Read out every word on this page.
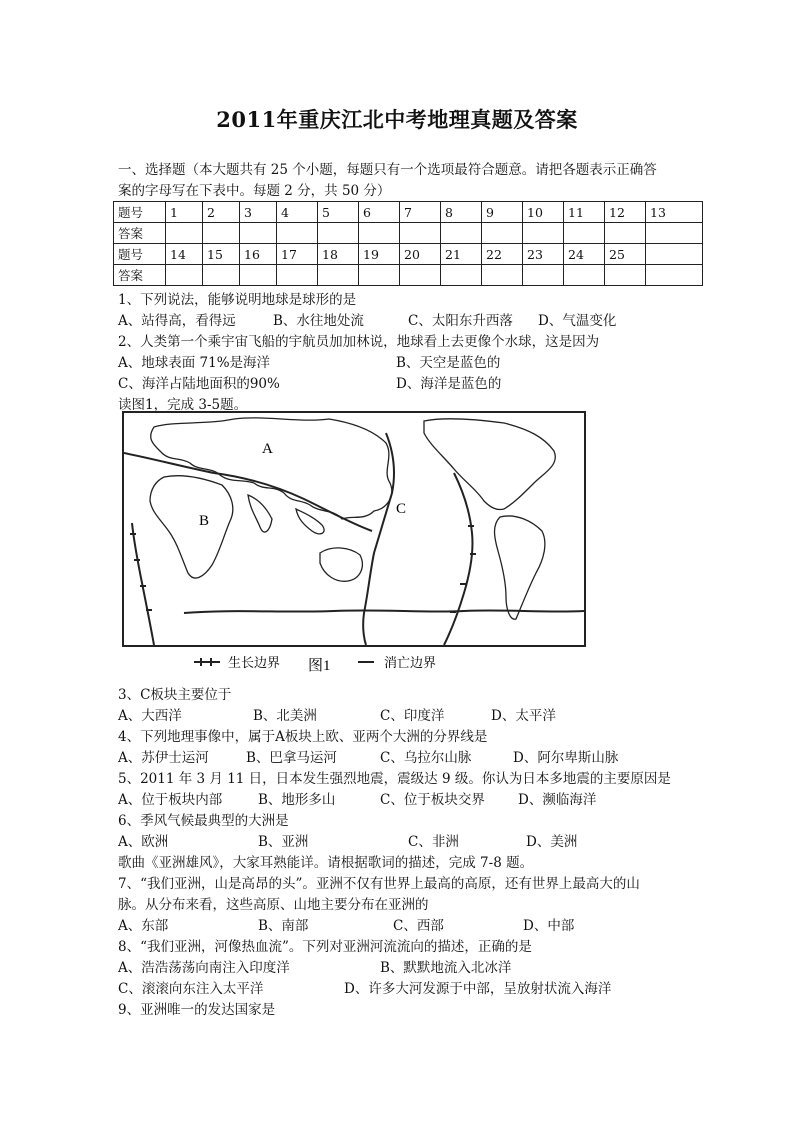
2011年重庆江北中考地理真题及答案
一、选择题（本大题共有 25 个小题，每题只有一个选项最符合题意。请把各题表示正确答
案的字母写在下表中。每题 2 分，共 50 分）
题号	1	2	3	4	5	6	7	8	9	10	11	12	13
答案													
题号	14	15	16	17	18	19	20	21	22	23	24	25	
答案													
1、下列说法，能够说明地球是球形的是
A、站得高，看得远	B、水往地处流	C、太阳东升西落 D、气温变化
2、人类第一个乘宇宙飞船的宇航员加加林说，地球看上去更像个水球，这是因为
A、地球表面 71%是海洋	B、天空是蓝色的
C、海洋占陆地面积的90%	D、海洋是蓝色的
读图1，完成 3-5题。
A
B
C
生长边界 图1	消亡边界
3、C板块主要位于
A、大西洋	B、北美洲	C、印度洋	D、太平洋
4、下列地理事像中，属于A板块上欧、亚两个大洲的分界线是
A、苏伊士运河	B、巴拿马运河	C、乌拉尔山脉	D、阿尔卑斯山脉
5、2011 年 3 月 11 日，日本发生强烈地震，震级达 9 级。你认为日本多地震的主要原因是
A、位于板块内部	B、地形多山	C、位于板块交界 D、濒临海洋
6、季风气候最典型的大洲是
A、欧洲	B、亚洲	C、非洲	D、美洲
歌曲《亚洲雄风》，大家耳熟能详。请根据歌词的描述，完成 7-8 题。
7、“我们亚洲，山是高昂的头”。亚洲不仅有世界上最高的高原，还有世界上最高大的山
脉。从分布来看，这些高原、山地主要分布在亚洲的
A、东部	B、南部	C、西部	D、中部
8、“我们亚洲，河像热血流”。下列对亚洲河流流向的描述，正确的是
A、浩浩荡荡向南注入印度洋	B、默默地流入北冰洋
C、滚滚向东注入太平洋	D、许多大河发源于中部，呈放射状流入海洋
9、亚洲唯一的发达国家是
